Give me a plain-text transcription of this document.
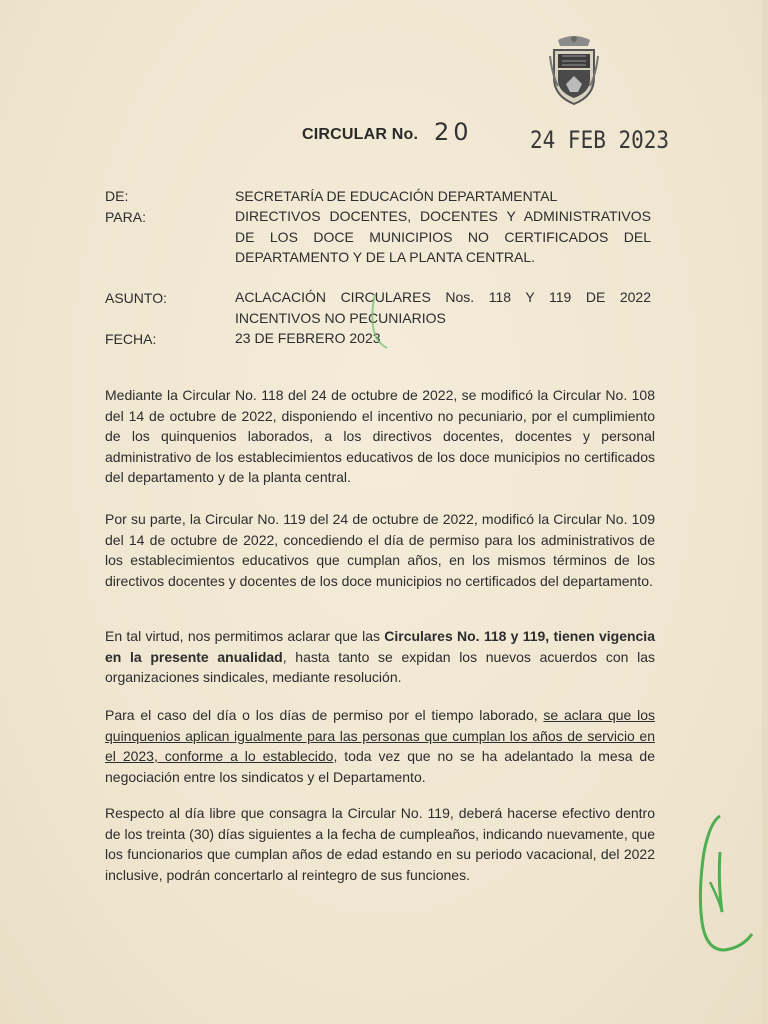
CIRCULAR No. 20	24 FEB 2023
DE:	SECRETARÍA DE EDUCACIÓN DEPARTAMENTAL
PARA:	DIRECTIVOS DOCENTES, DOCENTES Y ADMINISTRATIVOS DE LOS DOCE MUNICIPIOS NO CERTIFICADOS DEL DEPARTAMENTO Y DE LA PLANTA CENTRAL.
ASUNTO:	ACLACACIÓN CIRCULARES Nos. 118 Y 119 DE 2022 INCENTIVOS NO PECUNIARIOS
FECHA:	23 DE FEBRERO 2023
Mediante la Circular No. 118 del 24 de octubre de 2022, se modificó la Circular No. 108 del 14 de octubre de 2022, disponiendo el incentivo no pecuniario, por el cumplimiento de los quinquenios laborados, a los directivos docentes, docentes y personal administrativo de los establecimientos educativos de los doce municipios no certificados del departamento y de la planta central.
Por su parte, la Circular No. 119 del 24 de octubre de 2022, modificó la Circular No. 109 del 14 de octubre de 2022, concediendo el día de permiso para los administrativos de los establecimientos educativos que cumplan años, en los mismos términos de los directivos docentes y docentes de los doce municipios no certificados del departamento.
En tal virtud, nos permitimos aclarar que las Circulares No. 118 y 119, tienen vigencia en la presente anualidad, hasta tanto se expidan los nuevos acuerdos con las organizaciones sindicales, mediante resolución.
Para el caso del día o los días de permiso por el tiempo laborado, se aclara que los quinquenios aplican igualmente para las personas que cumplan los años de servicio en el 2023, conforme a lo establecido, toda vez que no se ha adelantado la mesa de negociación entre los sindicatos y el Departamento.
Respecto al día libre que consagra la Circular No. 119, deberá hacerse efectivo dentro de los treinta (30) días siguientes a la fecha de cumpleaños, indicando nuevamente, que los funcionarios que cumplan años de edad estando en su periodo vacacional, del 2022 inclusive, podrán concertarlo al reintegro de sus funciones.
